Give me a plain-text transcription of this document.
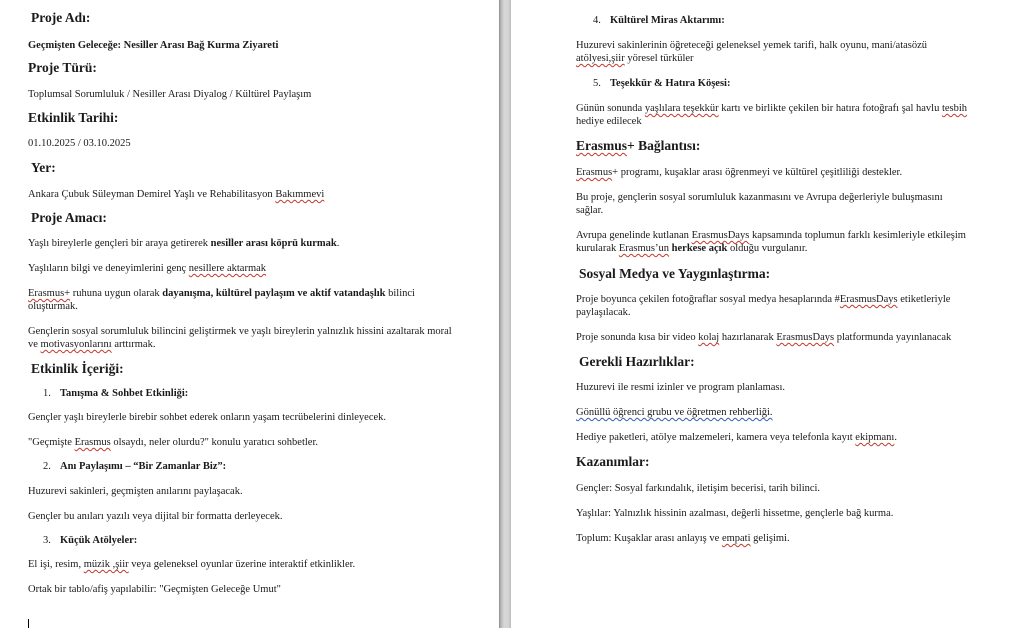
Proje Adı:

Geçmişten Geleceğe: Nesiller Arası Bağ Kurma Ziyareti

Proje Türü:

Toplumsal Sorumluluk / Nesiller Arası Diyalog / Kültürel Paylaşım

Etkinlik Tarihi:

01.10.2025 / 03.10.2025

Yer:

Ankara Çubuk Süleyman Demirel Yaşlı ve Rehabilitasyon Bakımmevi

Proje Amacı:

Yaşlı bireylerle gençleri bir araya getirerek nesiller arası köprü kurmak.

Yaşlıların bilgi ve deneyimlerini genç nesillere aktarmak

Erasmus+ ruhuna uygun olarak dayanışma, kültürel paylaşım ve aktif vatandaşlık bilinci oluşturmak.

Gençlerin sosyal sorumluluk bilincini geliştirmek ve yaşlı bireylerin yalnızlık hissini azaltarak moral ve motivasyonlarını arttırmak.

Etkinlik İçeriği:

1. Tanışma & Sohbet Etkinliği:

Gençler yaşlı bireylerle birebir sohbet ederek onların yaşam tecrübelerini dinleyecek.

"Geçmişte Erasmus olsaydı, neler olurdu?" konulu yaratıcı sohbetler.

2. Anı Paylaşımı – “Bir Zamanlar Biz”:

Huzurevi sakinleri, geçmişten anılarını paylaşacak.

Gençler bu anıları yazılı veya dijital bir formatta derleyecek.

3. Küçük Atölyeler:

El işi, resim, müzik ,şiir veya geleneksel oyunlar üzerine interaktif etkinlikler.

Ortak bir tablo/afiş yapılabilir: "Geçmişten Geleceğe Umut"

4. Kültürel Miras Aktarımı:

Huzurevi sakinlerinin öğreteceği geleneksel yemek tarifi, halk oyunu, mani/atasözü atölyesi,şiir yöresel türküler

5. Teşekkür & Hatıra Köşesi:

Günün sonunda yaşlılara teşekkür kartı ve birlikte çekilen bir hatıra fotoğrafı şal havlu tesbih hediye edilecek

Erasmus+ Bağlantısı:

Erasmus+ programı, kuşaklar arası öğrenmeyi ve kültürel çeşitliliği destekler.

Bu proje, gençlerin sosyal sorumluluk kazanmasını ve Avrupa değerleriyle buluşmasını sağlar.

Avrupa genelinde kutlanan ErasmusDays kapsamında toplumun farklı kesimleriyle etkileşim kurularak Erasmus’un herkese açık olduğu vurgulanır.

Sosyal Medya ve Yaygınlaştırma:

Proje boyunca çekilen fotoğraflar sosyal medya hesaplarında #ErasmusDays etiketleriyle paylaşılacak.

Proje sonunda kısa bir video kolaj hazırlanarak ErasmusDays platformunda yayınlanacak

Gerekli Hazırlıklar:

Huzurevi ile resmi izinler ve program planlaması.

Gönüllü öğrenci grubu ve öğretmen rehberliği.

Hediye paketleri, atölye malzemeleri, kamera veya telefonla kayıt ekipmanı.

Kazanımlar:

Gençler: Sosyal farkındalık, iletişim becerisi, tarih bilinci.

Yaşlılar: Yalnızlık hissinin azalması, değerli hissetme, gençlerle bağ kurma.

Toplum: Kuşaklar arası anlayış ve empati gelişimi.
